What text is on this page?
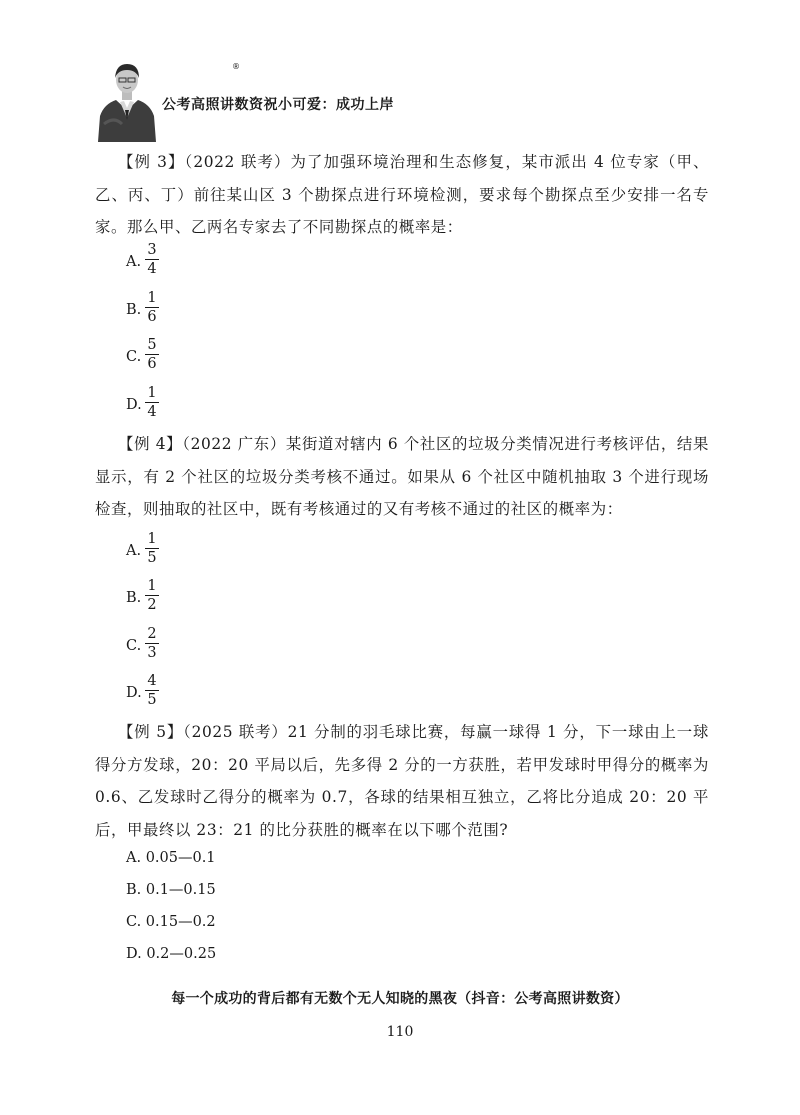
®
公考高照讲数资祝小可爱：成功上岸
【例 3】（2022 联考）为了加强环境治理和生态修复，某市派出 4 位专家（甲、乙、丙、丁）前往某山区 3 个勘探点进行环境检测，要求每个勘探点至少安排一名专家。那么甲、乙两名专家去了不同勘探点的概率是：
A.
3
4
B.
1
6
C.
5
6
D.
1
4
【例 4】（2022 广东）某街道对辖内 6 个社区的垃圾分类情况进行考核评估，结果显示，有 2 个社区的垃圾分类考核不通过。如果从 6 个社区中随机抽取 3 个进行现场检查，则抽取的社区中，既有考核通过的又有考核不通过的社区的概率为：
A.
1
5
B.
1
2
C.
2
3
D.
4
5
【例 5】（2025 联考）21 分制的羽毛球比赛，每赢一球得 1 分，下一球由上一球得分方发球，20：20 平局以后，先多得 2 分的一方获胜，若甲发球时甲得分的概率为 0.6、乙发球时乙得分的概率为 0.7，各球的结果相互独立，乙将比分追成 20：20 平后，甲最终以 23：21 的比分获胜的概率在以下哪个范围?
A. 0.05—0.1
B. 0.1—0.15
C. 0.15—0.2
D. 0.2—0.25
每一个成功的背后都有无数个无人知晓的黑夜（抖音：公考高照讲数资）
110
